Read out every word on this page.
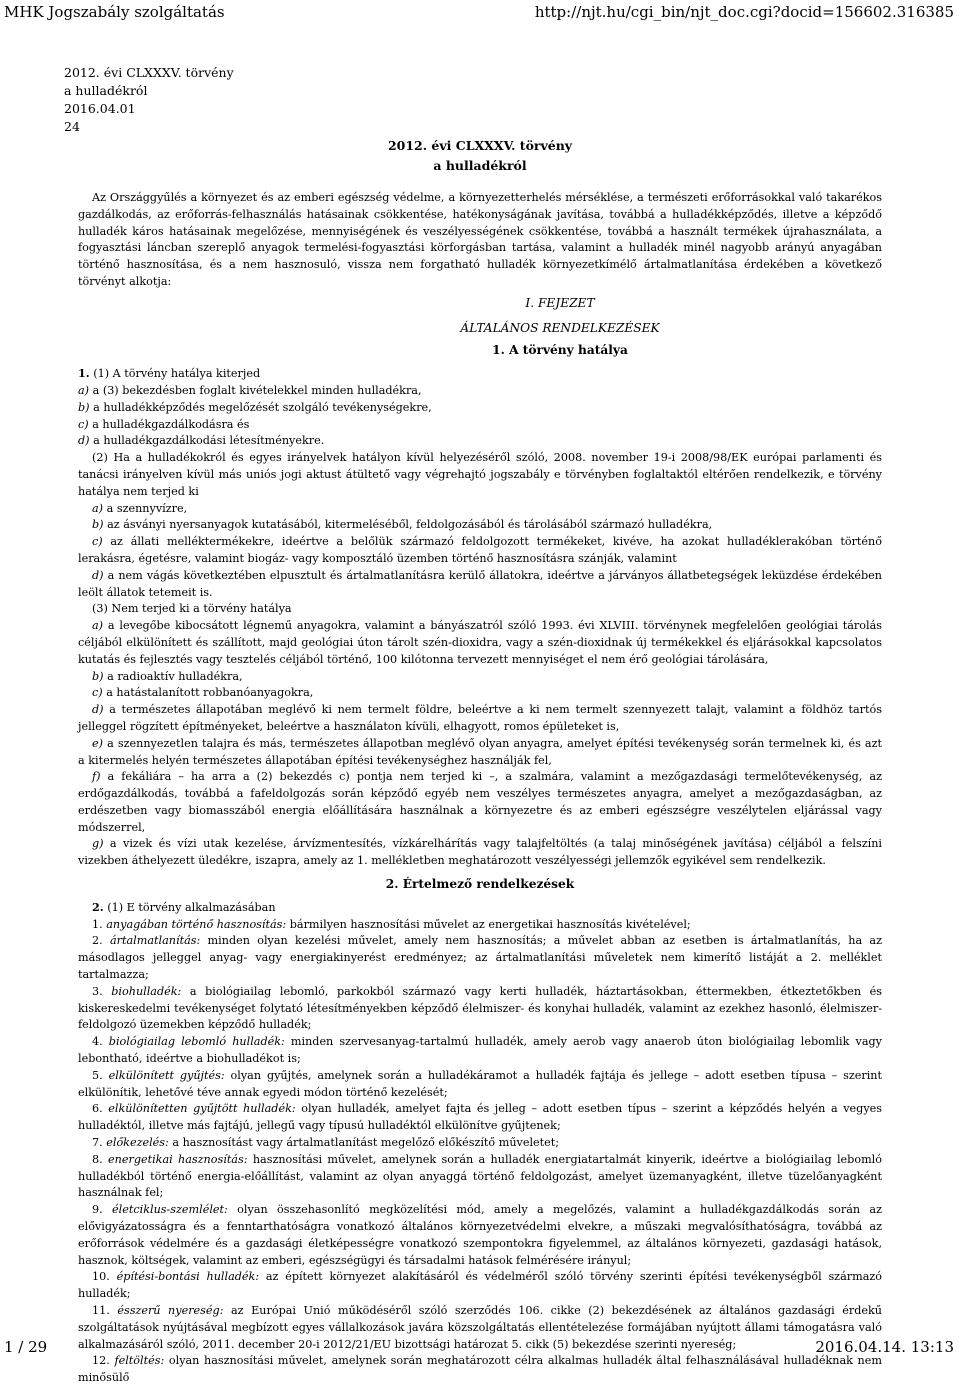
MHK Jogszabály szolgáltatás	http://njt.hu/cgi_bin/njt_doc.cgi?docid=156602.316385
2012. évi CLXXXV. törvény
a hulladékról
2016.04.01
24
2012. évi CLXXXV. törvény
a hulladékról

Az Országgyűlés a környezet és az emberi egészség védelme, a környezetterhelés mérséklése, a természeti erőforrásokkal való takarékos gazdálkodás, az erőforrás-felhasználás hatásainak csökkentése, hatékonyságának javítása, továbbá a hulladékképződés, illetve a képződő hulladék káros hatásainak megelőzése, mennyiségének és veszélyességének csökkentése, továbbá a használt termékek újrahasználata, a fogyasztási láncban szereplő anyagok termelési-fogyasztási körforgásban tartása, valamint a hulladék minél nagyobb arányú anyagában történő hasznosítása, és a nem hasznosuló, vissza nem forgatható hulladék környezetkímélő ártalmatlanítása érdekében a következő törvényt alkotja:

I. FEJEZET
ÁLTALÁNOS RENDELKEZÉSEK
1. A törvény hatálya

1. (1) A törvény hatálya kiterjed

a) a (3) bekezdésben foglalt kivételekkel minden hulladékra,

b) a hulladékképződés megelőzését szolgáló tevékenységekre,

c) a hulladékgazdálkodásra és

d) a hulladékgazdálkodási létesítményekre.

(2) Ha a hulladékokról és egyes irányelvek hatályon kívül helyezéséről szóló, 2008. november 19-i 2008/98/EK európai parlamenti és tanácsi irányelven kívül más uniós jogi aktust átültető vagy végrehajtó jogszabály e törvényben foglaltaktól eltérően rendelkezik, e törvény hatálya nem terjed ki

a) a szennyvízre,

b) az ásványi nyersanyagok kutatásából, kitermeléséből, feldolgozásából és tárolásából származó hulladékra,

c) az állati melléktermékekre, ideértve a belőlük származó feldolgozott termékeket, kivéve, ha azokat hulladéklerakóban történő lerakásra, égetésre, valamint biogáz- vagy komposztáló üzemben történő hasznosításra szánják, valamint

d) a nem vágás következtében elpusztult és ártalmatlanításra kerülő állatokra, ideértve a járványos állatbetegségek leküzdése érdekében leölt állatok tetemeit is.

(3) Nem terjed ki a törvény hatálya

a) a levegőbe kibocsátott légnemű anyagokra, valamint a bányászatról szóló 1993. évi XLVIII. törvénynek megfelelően geológiai tárolás céljából elkülönített és szállított, majd geológiai úton tárolt szén-dioxidra, vagy a szén-dioxidnak új termékekkel és eljárásokkal kapcsolatos kutatás és fejlesztés vagy tesztelés céljából történő, 100 kilótonna tervezett mennyiséget el nem érő geológiai tárolására,

b) a radioaktív hulladékra,

c) a hatástalanított robbanóanyagokra,

d) a természetes állapotában meglévő ki nem termelt földre, beleértve a ki nem termelt szennyezett talajt, valamint a földhöz tartós jelleggel rögzített építményeket, beleértve a használaton kívüli, elhagyott, romos épületeket is,

e) a szennyezetlen talajra és más, természetes állapotban meglévő olyan anyagra, amelyet építési tevékenység során termelnek ki, és azt a kitermelés helyén természetes állapotában építési tevékenységhez használják fel,

f) a fekáliára – ha arra a (2) bekezdés c) pontja nem terjed ki –, a szalmára, valamint a mezőgazdasági termelőtevékenység, az erdőgazdálkodás, továbbá a fafeldolgozás során képződő egyéb nem veszélyes természetes anyagra, amelyet a mezőgazdaságban, az erdészetben vagy biomasszából energia előállítására használnak a környezetre és az emberi egészségre veszélytelen eljárással vagy módszerrel,

g) a vizek és vízi utak kezelése, árvízmentesítés, vízkárelhárítás vagy talajfeltöltés (a talaj minőségének javítása) céljából a felszíni vizekben áthelyezett üledékre, iszapra, amely az 1. mellékletben meghatározott veszélyességi jellemzők egyikével sem rendelkezik.

2. Értelmező rendelkezések

2. (1) E törvény alkalmazásában

1. anyagában történő hasznosítás: bármilyen hasznosítási művelet az energetikai hasznosítás kivételével;

2. ártalmatlanítás: minden olyan kezelési művelet, amely nem hasznosítás; a művelet abban az esetben is ártalmatlanítás, ha az másodlagos jelleggel anyag- vagy energiakinyerést eredményez; az ártalmatlanítási műveletek nem kimerítő listáját a 2. melléklet tartalmazza;

3. biohulladék: a biológiailag lebomló, parkokból származó vagy kerti hulladék, háztartásokban, éttermekben, étkeztetőkben és kiskereskedelmi tevékenységet folytató létesítményekben képződő élelmiszer- és konyhai hulladék, valamint az ezekhez hasonló, élelmiszer-feldolgozó üzemekben képződő hulladék;

4. biológiailag lebomló hulladék: minden szervesanyag-tartalmú hulladék, amely aerob vagy anaerob úton biológiailag lebomlik vagy lebontható, ideértve a biohulladékot is;

5. elkülönített gyűjtés: olyan gyűjtés, amelynek során a hulladékáramot a hulladék fajtája és jellege – adott esetben típusa – szerint elkülönítik, lehetővé téve annak egyedi módon történő kezelését;

6. elkülönítetten gyűjtött hulladék: olyan hulladék, amelyet fajta és jelleg – adott esetben típus – szerint a képződés helyén a vegyes hulladéktól, illetve más fajtájú, jellegű vagy típusú hulladéktól elkülönítve gyűjtenek;

7. előkezelés: a hasznosítást vagy ártalmatlanítást megelőző előkészítő műveletet;

8. energetikai hasznosítás: hasznosítási művelet, amelynek során a hulladék energiatartalmát kinyerik, ideértve a biológiailag lebomló hulladékból történő energia-előállítást, valamint az olyan anyaggá történő feldolgozást, amelyet üzemanyagként, illetve tüzelőanyagként használnak fel;

9. életciklus-szemlélet: olyan összehasonlító megközelítési mód, amely a megelőzés, valamint a hulladékgazdálkodás során az elővigyázatosságra és a fenntarthatóságra vonatkozó általános környezetvédelmi elvekre, a műszaki megvalósíthatóságra, továbbá az erőforrások védelmére és a gazdasági életképességre vonatkozó szempontokra figyelemmel, az általános környezeti, gazdasági hatások, hasznok, költségek, valamint az emberi, egészségügyi és társadalmi hatások felmérésére irányul;

10. építési-bontási hulladék: az épített környezet alakításáról és védelméről szóló törvény szerinti építési tevékenységből származó hulladék;

11. ésszerű nyereség: az Európai Unió működéséről szóló szerződés 106. cikke (2) bekezdésének az általános gazdasági érdekű szolgáltatások nyújtásával megbízott egyes vállalkozások javára közszolgáltatás ellentételezése formájában nyújtott állami támogatásra való alkalmazásáról szóló, 2011. december 20-i 2012/21/EU bizottsági határozat 5. cikk (5) bekezdése szerinti nyereség;

12. feltöltés: olyan hasznosítási művelet, amelynek során meghatározott célra alkalmas hulladék által felhasználásával hulladéknak nem minősülő

1 / 29	2016.04.14. 13:13
